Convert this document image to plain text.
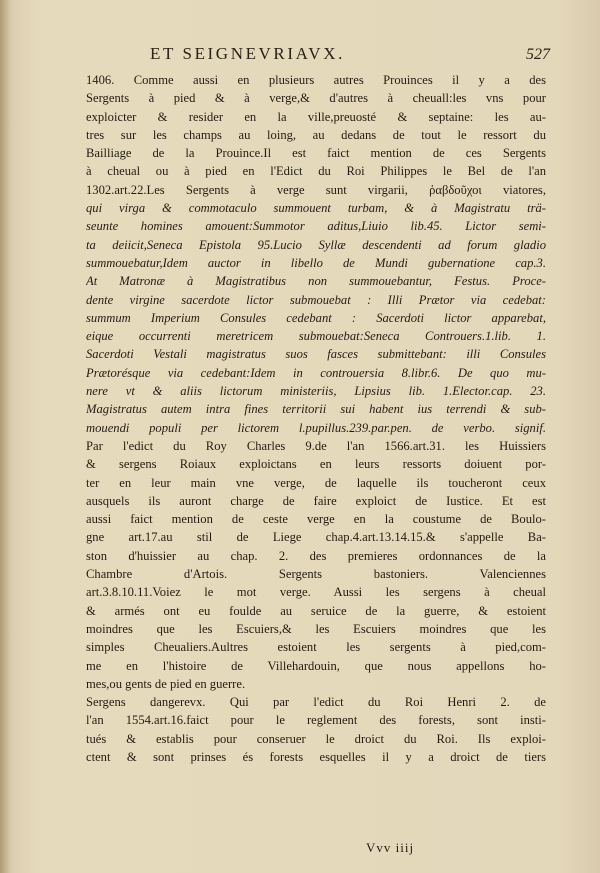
ET SEIGNEVRIAVX.	527
1406. Comme aussi en plusieurs autres Prouinces il y a des
Sergents à pied & à verge,& d'autres à cheuall:les vns pour
exploicter & resider en la ville,preuosté & septaine: les au-
tres sur les champs au loing, au dedans de tout le ressort du
Bailliage de la Prouince.Il est faict mention de ces Sergents
à cheual ou à pied en l'Edict du Roi Philippes le Bel de l'an
1302.art.22.Les Sergents à verge sunt virgarii, ῥαβδοῦχοι viatores,
qui virga & commotaculo summouent turbam, & à Magistratu trä-
seunte homines amouent:Summotor aditus,Liuio lib.45. Lictor semi-
ta deiicit,Seneca Epistola 95.Lucio Syllæ descendenti ad forum gladio
summouebatur,Idem auctor in libello de Mundi gubernatione cap.3.
At Matronæ à Magistratibus non summouebantur, Festus. Proce-
dente virgine sacerdote lictor submouebat : Illi Prætor via cedebat:
summum Imperium Consules cedebant : Sacerdoti lictor apparebat,
eique occurrenti meretricem submouebat:Seneca Controuers.1.lib. 1.
Sacerdoti Vestali magistratus suos fasces submittebant: illi Consules
Prætorésque via cedebant:Idem in controuersia 8.libr.6. De quo mu-
nere vt & aliis lictorum ministeriis, Lipsius lib. 1.Elector.cap. 23.
Magistratus autem intra fines territorii sui habent ius terrendi & sub-
mouendi populi per lictorem l.pupillus.239.par.pen. de verbo. signif.
Par l'edict du Roy Charles 9.de l'an 1566.art.31. les Huissiers
& sergens Roiaux exploictans en leurs ressorts doiuent por-
ter en leur main vne verge, de laquelle ils toucheront ceux
ausquels ils auront charge de faire exploict de Iustice. Et est
aussi faict mention de ceste verge en la coustume de Boulo-
gne art.17.au stil de Liege chap.4.art.13.14.15.& s'appelle Ba-
ston d'huissier au chap. 2. des premieres ordonnances de la
Chambre d'Artois. Sergents bastoniers. Valenciennes
art.3.8.10.11.Voiez le mot verge. Aussi les sergens à cheual
& armés ont eu foulde au seruice de la guerre, & estoient
moindres que les Escuiers,& les Escuiers moindres que les
simples Cheualiers.Aultres estoient les sergents à pied,com-
me en l'histoire de Villehardouin, que nous appellons ho-
mes,ou gents de pied en guerre.
Sergens dangerevx. Qui par l'edict du Roi Henri 2. de
l'an 1554.art.16.faict pour le reglement des forests, sont insti-
tués & establis pour conseruer le droict du Roi. Ils exploi-
ctent & sont prinses és forests esquelles il y a droict de tiers
Vvv iiij
